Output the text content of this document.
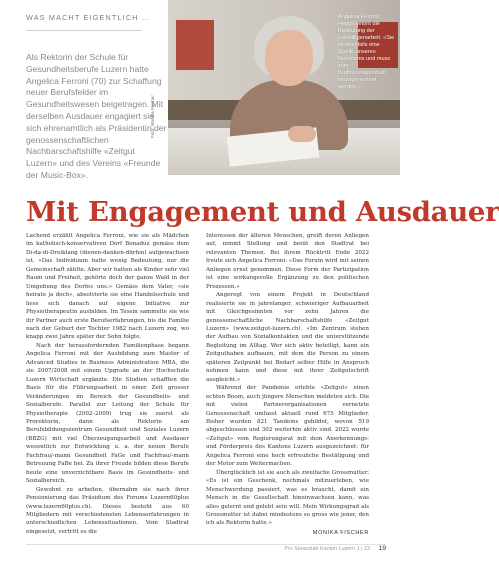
WAS MACHT EIGENTLICH …

Als Rektorin der Schule für Gesundheitsberufe Luzern hatte Angelica Ferroni (70) zur Schaffung neuer Berufsfelder im Gesundheitswesen beigetragen. Mit derselben Ausdauer engagiert sie sich ehrenamtlich als Präsidentin der genossenschaftlichen Nachbarschaftshilfe «Zeitgut Luzern» und des Vereins «Freunde der Music-Box».

Foto: Monika Fischer

Angelica Ferroni Heggli betont die Bedeutung der Freiwilligenarbeit: «Sie ist ebenfalls eine Quelle unseres Reichtums und muss zum Bruttosozialprodukt hinzugerechnet werden.»

Mit Engagement und Ausdauer

Lachend erzählt Angelica Ferroni, wie sie als Mädchen im katholisch-konservativen Dorf Bonaduz gemäss dem Di-da-di-Dreiklang (dienen-danken-dürfen) aufgewachsen ist. «Das Individuum hatte wenig Bedeutung, nur die Gemeinschaft zählte. Aber wir hatten als Kinder sehr viel Raum und Freiheit, gehörte doch der ganze Wald in der Umgebung des Dorfes uns.» Gemäss dem Vater, «sie heirate ja doch», absolvierte sie eine Handelsschule und liess sich danach auf eigene Initiative zur Physiotherapeutin ausbilden. Im Tessin sammelte sie wie ihr Partner auch erste Berufserfahrungen, bis die Familie nach der Geburt der Tochter 1982 nach Luzern zog, wo knapp zwei Jahre später der Sohn folgte.

Nach der herausfordernden Familienphase begann Angelica Ferroni mit der Ausbildung zum Master of Advanced Studies in Business Administration MBA, die sie 2007/2008 mit einem Upgrade an der Hochschule Luzern Wirtschaft ergänzte. Die Studien schafften die Basis für die Führungsarbeit in einer Zeit grosser Veränderungen im Bereich der Gesundheits- und Sozialberufe. Parallel zur Leitung der Schule für Physiotherapie (2002–2009) trug sie zuerst als Prorektorin, dann als Rektorin am Berufsbildungszentrum Gesundheit und Soziales Luzern (BBZG) mit viel Überzeugungsarbeit und Ausdauer wesentlich zur Entwicklung u. a. der neuen Berufe Fachfrau/-mann Gesundheit FaGe und Fachfrau/-mann Betreuung FaBe bei. Zu ihrer Freude bilden diese Berufe heute eine unverzichtbare Basis im Gesundheits- und Sozialbereich.

Gewohnt zu arbeiten, übernahm sie nach ihrer Pensionierung das Präsidium des Forums Luzern60plus (www.luzern60plus.ch). Dieses besteht aus 60 Mitgliedern mit verschiedensten Lebenserfahrungen in unterschiedlichen Lebenssituationen. Vom Stadtrat eingesetzt, vertritt es die

Interessen der älteren Menschen, greift deren Anliegen auf, nimmt Stellung und berät den Stadtrat bei relevanten Themen. Bei ihrem Rücktritt Ende 2022 freute sich Angelica Ferroni: «Das Forum wird mit seinen Anliegen ernst genommen. Diese Form der Partizipation ist eine wirkungsvolle Ergänzung zu den politischen Prozessen.»

Angeregt von einem Projekt in Deutschland realisierte sie in jahrelanger, schwieriger Aufbauarbeit mit Gleichgesinnten vor zehn Jahren die genossenschaftliche Nachbarschaftshilfe «Zeitgut Luzern» (www.zeitgut-luzern.ch). «Im Zentrum stehen der Aufbau von Sozialkontakten und die unterstützende Begleitung im Alltag. Wer sich aktiv beteiligt, kann ein Zeitguthaben aufbauen, mit dem die Person zu einem späteren Zeitpunkt bei Bedarf selber Hilfe in Anspruch nehmen kann und diese mit ihrer Zeitgutschrift ausgleicht.»

Während der Pandemie erlebte «Zeitgut» einen echten Boom, auch jüngere Menschen meldeten sich. Die mit vielen Partnerorganisationen vernetzte Genossenschaft umfasst aktuell rund 675 Mitglieder. Bisher wurden 821 Tandems gebildet, wovon 519 abgeschlossen und 302 weiterhin aktiv sind. 2022 wurde «Zeitgut» vom Regierungsrat mit dem Anerkennungs- und Förderpreis des Kantons Luzern ausgezeichnet: für Angelica Ferroni eine hoch erfreuliche Bestätigung und der Motor zum Weitermachen.

Überglücklich ist sie auch als zweifache Grossmutter: «Es ist ein Geschenk, nochmals mitzuerleben, wie Menschwerdung passiert, was es braucht, damit ein Mensch in die Gesellschaft hineinwachsen kann, was alles gelernt und gelebt sein will. Mein Wirkungsgrad als Grossmutter ist dabei mindestens so gross wie jener, den ich als Rektorin hatte.»

MONIKA FISCHER
Pro Senectute Kanton Luzern 1 | 23 19
